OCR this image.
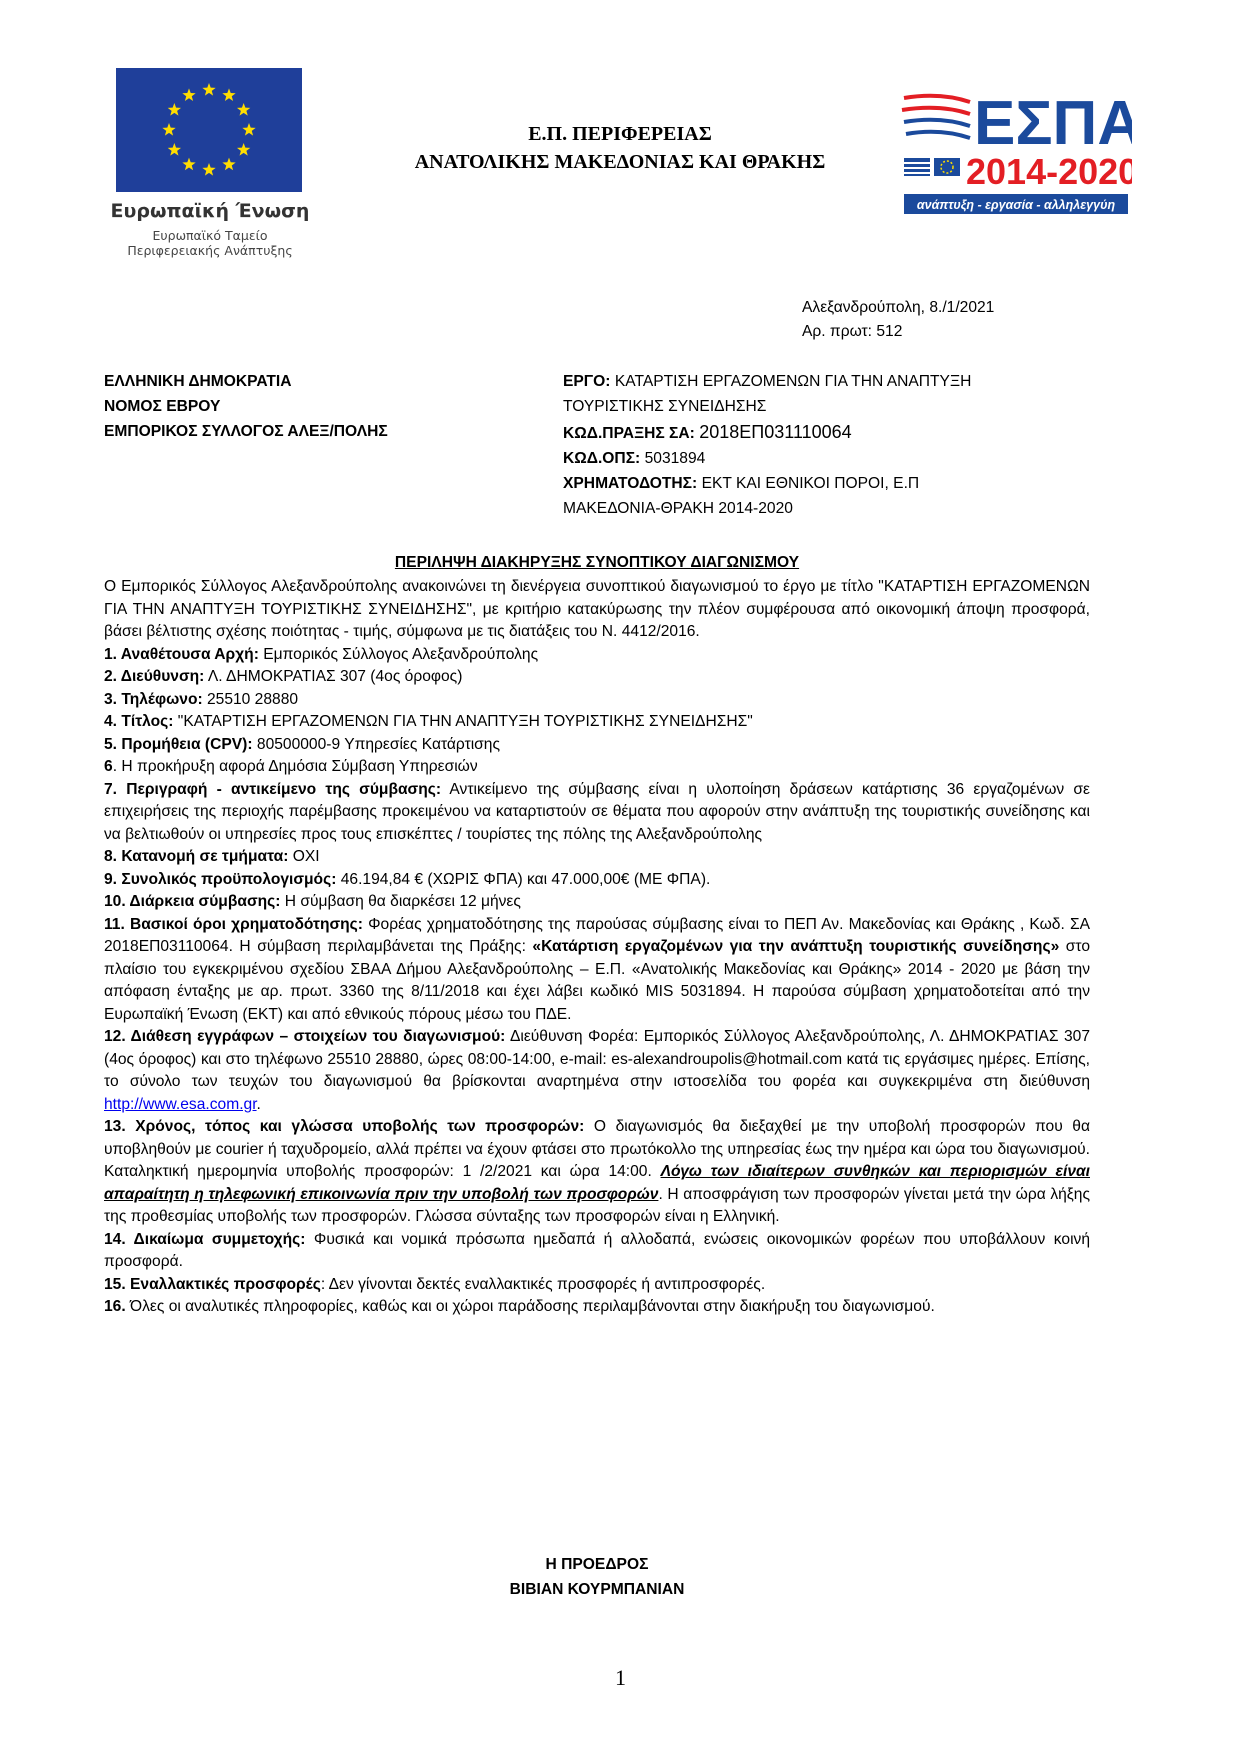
Ευρωπαϊκή Ένωση
Ευρωπαϊκό Ταμείο
Περιφερειακής Ανάπτυξης
Ε.Π. ΠΕΡΙΦΕΡΕΙΑΣ
ΑΝΑΤΟΛΙΚΗΣ ΜΑΚΕΔΟΝΙΑΣ ΚΑΙ ΘΡΑΚΗΣ
ΕΣΠΑ
2014-2020
ανάπτυξη - εργασία - αλληλεγγύη
Αλεξανδρούπολη, 8./1/2021
Αρ. πρωτ: 512
ΕΛΛΗΝΙΚΗ ΔΗΜΟΚΡΑΤΙΑ
ΝΟΜΟΣ ΕΒΡΟΥ
ΕΜΠΟΡΙΚΟΣ ΣΥΛΛΟΓΟΣ ΑΛΕΞ/ΠΟΛΗΣ
ΕΡΓΟ: ΚΑΤΑΡΤΙΣΗ ΕΡΓΑΖΟΜΕΝΩΝ ΓΙΑ ΤΗΝ ΑΝΑΠΤΥΞΗ
ΤΟΥΡΙΣΤΙΚΗΣ ΣΥΝΕΙΔΗΣΗΣ
ΚΩΔ.ΠΡΑΞΗΣ ΣΑ: 2018ΕΠ031110064
ΚΩΔ.ΟΠΣ: 5031894
ΧΡΗΜΑΤΟΔΟΤΗΣ: ΕΚΤ ΚΑΙ ΕΘΝΙΚΟΙ ΠΟΡΟΙ, Ε.Π
ΜΑΚΕΔΟΝΙΑ-ΘΡΑΚΗ 2014-2020
ΠΕΡΙΛΗΨΗ ΔΙΑΚΗΡΥΞΗΣ ΣΥΝΟΠΤΙΚΟΥ ΔΙΑΓΩΝΙΣΜΟΥ

Ο Εμπορικός Σύλλογος Αλεξανδρούπολης ανακοινώνει τη διενέργεια συνοπτικού διαγωνισμού το έργο με τίτλο "ΚΑΤΑΡΤΙΣΗ ΕΡΓΑΖΟΜΕΝΩΝ ΓΙΑ ΤΗΝ ΑΝΑΠΤΥΞΗ ΤΟΥΡΙΣΤΙΚΗΣ ΣΥΝΕΙΔΗΣΗΣ", με κριτήριο κατακύρωσης την πλέον συμφέρουσα από οικονομική άποψη προσφορά, βάσει βέλτιστης σχέσης ποιότητας - τιμής, σύμφωνα με τις διατάξεις του Ν. 4412/2016.

1. Αναθέτουσα Αρχή: Εμπορικός Σύλλογος Αλεξανδρούπολης

2. Διεύθυνση: Λ. ΔΗΜΟΚΡΑΤΙΑΣ 307 (4ος όροφος)

3. Τηλέφωνο: 25510 28880

4. Τίτλος: "ΚΑΤΑΡΤΙΣΗ ΕΡΓΑΖΟΜΕΝΩΝ ΓΙΑ ΤΗΝ ΑΝΑΠΤΥΞΗ ΤΟΥΡΙΣΤΙΚΗΣ ΣΥΝΕΙΔΗΣΗΣ"

5. Προμήθεια (CPV): 80500000-9 Υπηρεσίες Κατάρτισης

6. Η προκήρυξη αφορά Δημόσια Σύμβαση Υπηρεσιών

7. Περιγραφή - αντικείμενο της σύμβασης: Αντικείμενο της σύμβασης είναι η υλοποίηση δράσεων κατάρτισης 36 εργαζομένων σε επιχειρήσεις της περιοχής παρέμβασης προκειμένου να καταρτιστούν σε θέματα που αφορούν στην ανάπτυξη της τουριστικής συνείδησης και να βελτιωθούν οι υπηρεσίες προς τους επισκέπτες / τουρίστες της πόλης της Αλεξανδρούπολης

8. Κατανομή σε τμήματα: ΟΧΙ

9. Συνολικός προϋπολογισμός: 46.194,84 € (ΧΩΡΙΣ ΦΠΑ) και 47.000,00€ (ΜΕ ΦΠΑ).

10. Διάρκεια σύμβασης: Η σύμβαση θα διαρκέσει 12 μήνες

11. Βασικοί όροι χρηματοδότησης: Φορέας χρηματοδότησης της παρούσας σύμβασης είναι το ΠΕΠ Αν. Μακεδονίας και Θράκης , Κωδ. ΣΑ 2018ΕΠ03110064. Η σύμβαση περιλαμβάνεται της Πράξης: «Κατάρτιση εργαζομένων για την ανάπτυξη τουριστικής συνείδησης» στο πλαίσιο του εγκεκριμένου σχεδίου ΣΒΑΑ Δήμου Αλεξανδρούπολης – Ε.Π. «Ανατολικής Μακεδονίας και Θράκης» 2014 - 2020 με βάση την απόφαση ένταξης με αρ. πρωτ. 3360 της 8/11/2018 και έχει λάβει κωδικό MIS 5031894. Η παρούσα σύμβαση χρηματοδοτείται από την Ευρωπαϊκή Ένωση (ΕΚΤ) και από εθνικούς πόρους μέσω του ΠΔΕ.

12. Διάθεση εγγράφων – στοιχείων του διαγωνισμού: Διεύθυνση Φορέα: Εμπορικός Σύλλογος Αλεξανδρούπολης, Λ. ΔΗΜΟΚΡΑΤΙΑΣ 307 (4ος όροφος) και στο τηλέφωνο 25510 28880, ώρες 08:00-14:00, e-mail: es-alexandroupolis@hotmail.com κατά τις εργάσιμες ημέρες. Επίσης, το σύνολο των τευχών του διαγωνισμού θα βρίσκονται αναρτημένα στην ιστοσελίδα του φορέα και συγκεκριμένα στη διεύθυνση http://www.esa.com.gr.

13. Χρόνος, τόπος και γλώσσα υποβολής των προσφορών: Ο διαγωνισμός θα διεξαχθεί με την υποβολή προσφορών που θα υποβληθούν με courier ή ταχυδρομείο, αλλά πρέπει να έχουν φτάσει στο πρωτόκολλο της υπηρεσίας έως την ημέρα και ώρα του διαγωνισμού. Καταληκτική ημερομηνία υποβολής προσφορών: 1 /2/2021 και ώρα 14:00. Λόγω των ιδιαίτερων συνθηκών και περιορισμών είναι απαραίτητη η τηλεφωνική επικοινωνία πριν την υποβολή των προσφορών. Η αποσφράγιση των προσφορών γίνεται μετά την ώρα λήξης της προθεσμίας υποβολής των προσφορών. Γλώσσα σύνταξης των προσφορών είναι η Ελληνική.

14. Δικαίωμα συμμετοχής: Φυσικά και νομικά πρόσωπα ημεδαπά ή αλλοδαπά, ενώσεις οικονομικών φορέων που υποβάλλουν κοινή προσφορά.

15. Εναλλακτικές προσφορές: Δεν γίνονται δεκτές εναλλακτικές προσφορές ή αντιπροσφορές.

16. Όλες οι αναλυτικές πληροφορίες, καθώς και οι χώροι παράδοσης περιλαμβάνονται στην διακήρυξη του διαγωνισμού.

Η ΠΡΟΕΔΡΟΣ
ΒΙΒΙΑΝ ΚΟΥΡΜΠΑΝΙΑΝ
1
